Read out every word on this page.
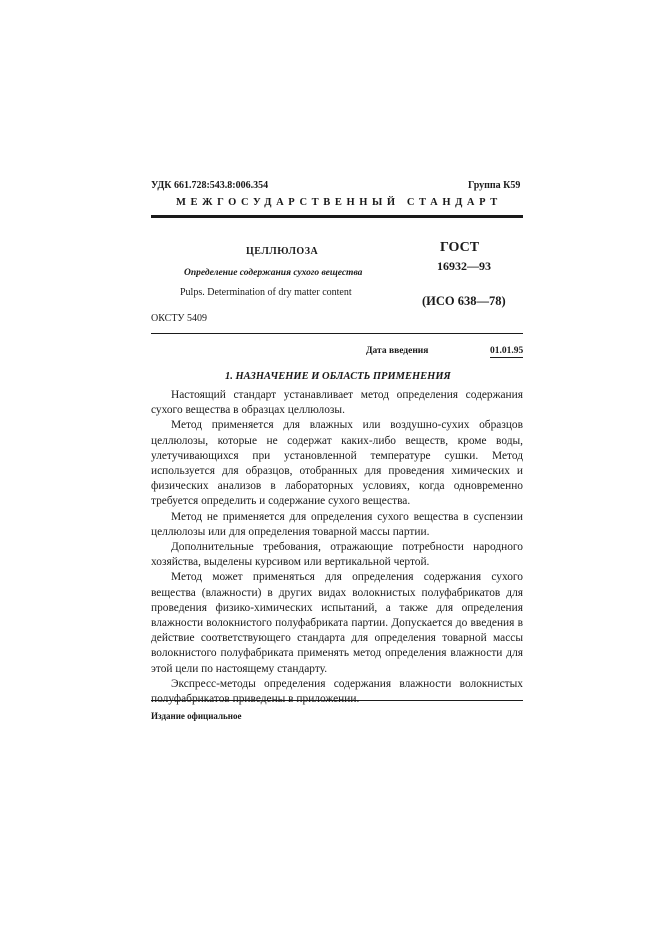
УДК 661.728:543.8:006.354	Группа К59
МЕЖГОСУДАРСТВЕННЫЙ СТАНДАРТ
ЦЕЛЛЮЛОЗА	ГОСТ
16932—93
Определение содержания сухого вещества
Pulps. Determination of dry matter content
(ИСО 638—78)
ОКСТУ 5409
Дата введения	01.01.95
1. НАЗНАЧЕНИЕ И ОБЛАСТЬ ПРИМЕНЕНИЯ

Настоящий стандарт устанавливает метод определения содержания сухого вещества в образцах целлюлозы.

Метод применяется для влажных или воздушно-сухих образцов целлюлозы, которые не содержат каких-либо веществ, кроме воды, улетучивающихся при установленной температуре сушки. Метод используется для образцов, отобранных для проведения химических и физических анализов в лабораторных условиях, когда одновременно требуется определить и содержание сухого вещества.

Метод не применяется для определения сухого вещества в суспензии целлюлозы или для определения товарной массы партии.

Дополнительные требования, отражающие потребности народного хозяйства, выделены курсивом или вертикальной чертой.

Метод может применяться для определения содержания сухого вещества (влажности) в других видах волокнистых полуфабрикатов для проведения физико-химических испытаний, а также для определения влажности волокнистого полуфабриката партии. Допускается до введения в действие соответствующего стандарта для определения товарной массы волокнистого полуфабриката применять метод определения влажности для этой цели по настоящему стандарту.

Экспресс-методы определения содержания влажности волокнистых

Издание официальное
